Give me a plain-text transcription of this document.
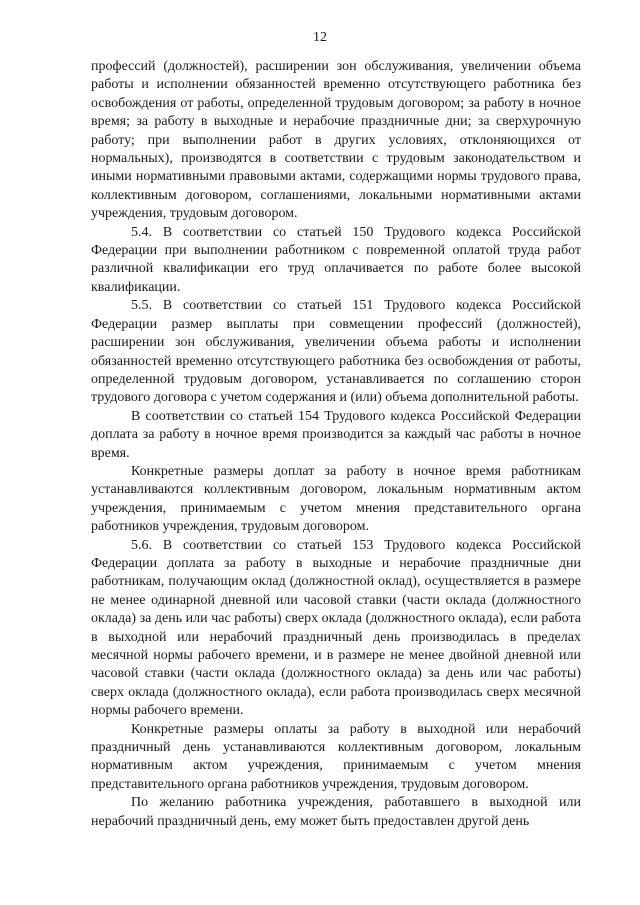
12

профессий (должностей), расширении зон обслуживания, увеличении объема работы и исполнении обязанностей временно отсутствующего работника без освобождения от работы, определенной трудовым договором; за работу в ночное время; за работу в выходные и нерабочие праздничные дни; за сверхурочную работу; при выполнении работ в других условиях, отклоняющихся от нормальных), производятся в соответствии с трудовым законодательством и иными нормативными правовыми актами, содержащими нормы трудового права, коллективным договором, соглашениями, локальными нормативными актами учреждения, трудовым договором.

5.4. В соответствии со статьей 150 Трудового кодекса Российской Федерации при выполнении работником с повременной оплатой труда работ различной квалификации его труд оплачивается по работе более высокой квалификации.

5.5. В соответствии со статьей 151 Трудового кодекса Российской Федерации размер выплаты при совмещении профессий (должностей), расширении зон обслуживания, увеличении объема работы и исполнении обязанностей временно отсутствующего работника без освобождения от работы, определенной трудовым договором, устанавливается по соглашению сторон трудового договора с учетом содержания и (или) объема дополнительной работы.

В соответствии со статьей 154 Трудового кодекса Российской Федерации доплата за работу в ночное время производится за каждый час работы в ночное время.

Конкретные размеры доплат за работу в ночное время работникам устанавливаются коллективным договором, локальным нормативным актом учреждения, принимаемым с учетом мнения представительного органа работников учреждения, трудовым договором.

5.6. В соответствии со статьей 153 Трудового кодекса Российской Федерации доплата за работу в выходные и нерабочие праздничные дни работникам, получающим оклад (должностной оклад), осуществляется в размере не менее одинарной дневной или часовой ставки (части оклада (должностного оклада) за день или час работы) сверх оклада (должностного оклада), если работа в выходной или нерабочий праздничный день производилась в пределах месячной нормы рабочего времени, и в размере не менее двойной дневной или часовой ставки (части оклада (должностного оклада) за день или час работы) сверх оклада (должностного оклада), если работа производилась сверх месячной нормы рабочего времени.

Конкретные размеры оплаты за работу в выходной или нерабочий праздничный день устанавливаются коллективным договором, локальным нормативным актом учреждения, принимаемым с учетом мнения представительного органа работников учреждения, трудовым договором.

По желанию работника учреждения, работавшего в выходной или нерабочий праздничный день, ему может быть предоставлен другой день
